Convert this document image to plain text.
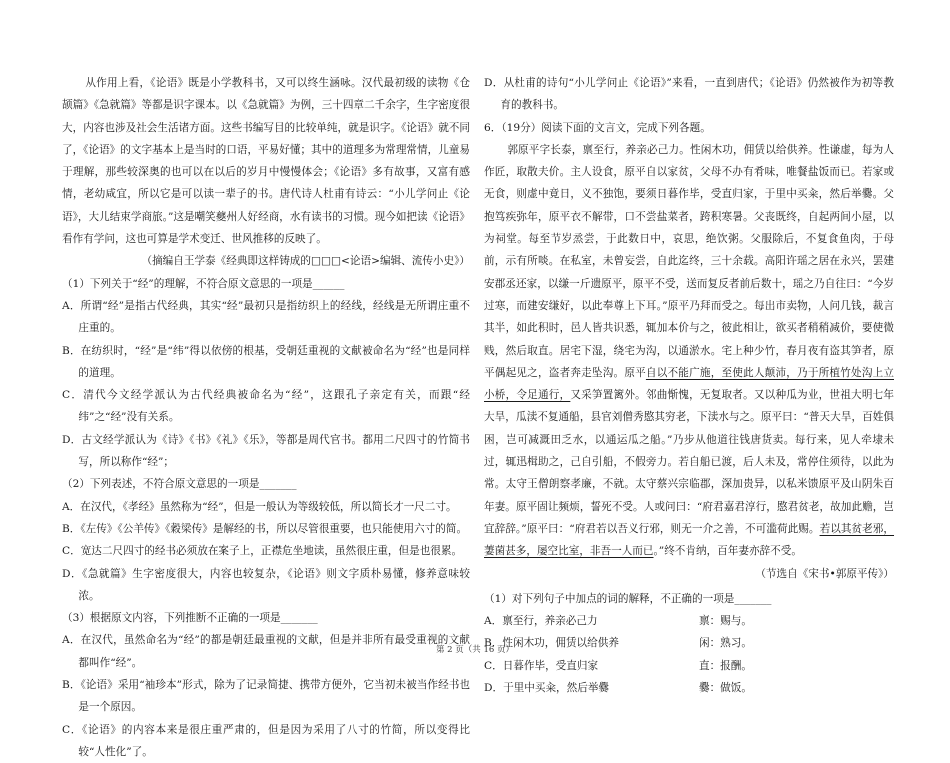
从作用上看，《论语》既是小学教科书，又可以终生涵咏。汉代最初级的读物《仓颉篇》《急就篇》等都是识字课本。以《急就篇》为例，三十四章二千余字，生字密度很大，内容也涉及社会生活诸方面。这些书编写目的比较单纯，就是识字。《论语》就不同了，《论语》的文字基本上是当时的口语，平易好懂；其中的道理多为常理常情，儿童易于理解，那些较深奥的也可以在以后的岁月中慢慢体会；《论语》多有故事，又富有感情，老幼咸宜，所以它是可以读一辈子的书。唐代诗人杜甫有诗云：“小儿学问止《论语》，大儿结束学商旅。”这是嘲笑夔州人好经商，水有读书的习惯。现今如把读《论语》看作有学问，这也可算是学术变迁、世风推移的反映了。

（摘编自王学泰《经典即这样铸成的□□□<论语>编辑、流传小史》）

（1）下列关于“经”的理解，不符合原文意思的一项是______

A．所谓“经”是指古代经典，其实“经”最初只是指纺织上的经线，经线是无所谓庄重不庄重的。

B．在纺织时，“经”是“纬”得以依傍的根基，受朝廷重视的文献被命名为“经”也是同样的道理。

C．清代今文经学派认为古代经典被命名为“经”，这跟孔子亲定有关，而跟“经纬”之“经”没有关系。

D．古文经学派认为《诗》《书》《礼》《乐》，等都是周代官书。都用二尺四寸的竹简书写，所以称作“经”；

（2）下列表述，不符合原文意思的一项是_______

A．在汉代，《孝经》虽然称为“经”，但是一般认为等级较低，所以简长才一尺二寸。

B．《左传》《公羊传》《穀梁传》是解经的书，所以尽管很重要，也只能使用六寸的简。

C．宽达二尺四寸的经书必须放在案子上，正襟危坐地读，虽然很庄重，但是也很累。

D．《急就篇》生字密度很大，内容也较复杂，《论语》则文字质朴易懂，修养意味较浓。

（3）根据原文内容，下列推断不正确的一项是_______

A．在汉代，虽然命名为“经”的都是朝廷最重视的文献，但是并非所有最受重视的文献都叫作“经”。

B．《论语》采用“袖珍本”形式，除为了记录简捷、携带方便外，它当初未被当作经书也是一个原因。

C．《论语》的内容本来是很庄重严肃的，但是因为采用了八寸的竹简，所以变得比较“人性化”了。

D．从杜甫的诗句“小儿学问止《论语》”来看，一直到唐代；《论语》仍然被作为初等教育的教科书。

6．（19分）阅读下面的文言文，完成下列各题。

郭原平字长泰，禀至行，养亲必己力。性闲木功，佣赁以给供养。性谦虚，每为人作匠，取散夫价。主人设食，原平自以家贫，父母不办有肴味，唯餐盐饭而已。若家或无食，则虚中竟日，义不独饱，要须日暮作毕，受直归家，于里中买籴，然后举爨。父抱笃疾弥年，原平衣不解带，口不尝盐菜者，跨积寒暑。父丧既终，自起两间小屋，以为祠堂。每至节岁烝尝，于此数日中，哀思，绝饮粥。父服除后，不复食鱼肉，于母前，示有所啖。在私室，未曾妄尝，自此迄终，三十余载。高阳许瑶之居在永兴，罢建安郡丞还家，以缣一斤遗原平，原平不受，送而复反者前后数十，瑶之乃自往曰：“今岁过寒，而建安缣好，以此奉尊上下耳。”原平乃拜而受之。每出市卖物，人问几钱，裁言其半，如此积时，邑人皆共识悉，辄加本价与之，彼此相让，欲买者稍稍减价，要使微贱，然后取直。居宅下湿，绕宅为沟，以通淤水。宅上种少竹，春月夜有盗其笋者，原平偶起见之，盗者奔走坠沟。原平自以不能广施，至使此人颠沛，乃于所植竹处沟上立小桥，令足通行，又采笋置篱外。邻曲惭愧，无复取者。又以种瓜为业，世祖大明七年大旱，瓜渎不复通船，县官刘僧秀愍其穷老，下渎水与之。原平曰：“普天大旱，百姓俱困，岂可减溉田乏水，以通运瓜之船。”乃步从他道往钱唐货卖。每行来，见人牵埭未过，辄迅楫助之，己自引船，不假旁力。若自船已渡，后人未及，常停住须待，以此为常。太守王僧朗察孝廉，不就。太守蔡兴宗临郡，深加贵异，以私米馈原平及山阴朱百年妻。原平固让频烦，誓死不受。人或问曰：“府君嘉君淳行，愍君贫老，故加此赡，岂宜辞辞。”原平曰：“府君若以吾义行邪，则无一介之善，不可滥荷此赐。若以其贫老邪，萋菌甚多，屡空比室，非吾一人而已。”终不肯纳，百年妻亦辞不受。

（节选自《宋书•郭原平传》）

（1）对下列句子中加点的词的解释，不正确的一项是_______

A．禀至行，养亲必己力	禀：赐与。
B．性闲木功，佣赁以给供养	闲：熟习。
C．日暮作毕，受直归家	直：报酬。
D．于里中买籴，然后举爨	爨：做饭。
第 2 页（共 16 页）
